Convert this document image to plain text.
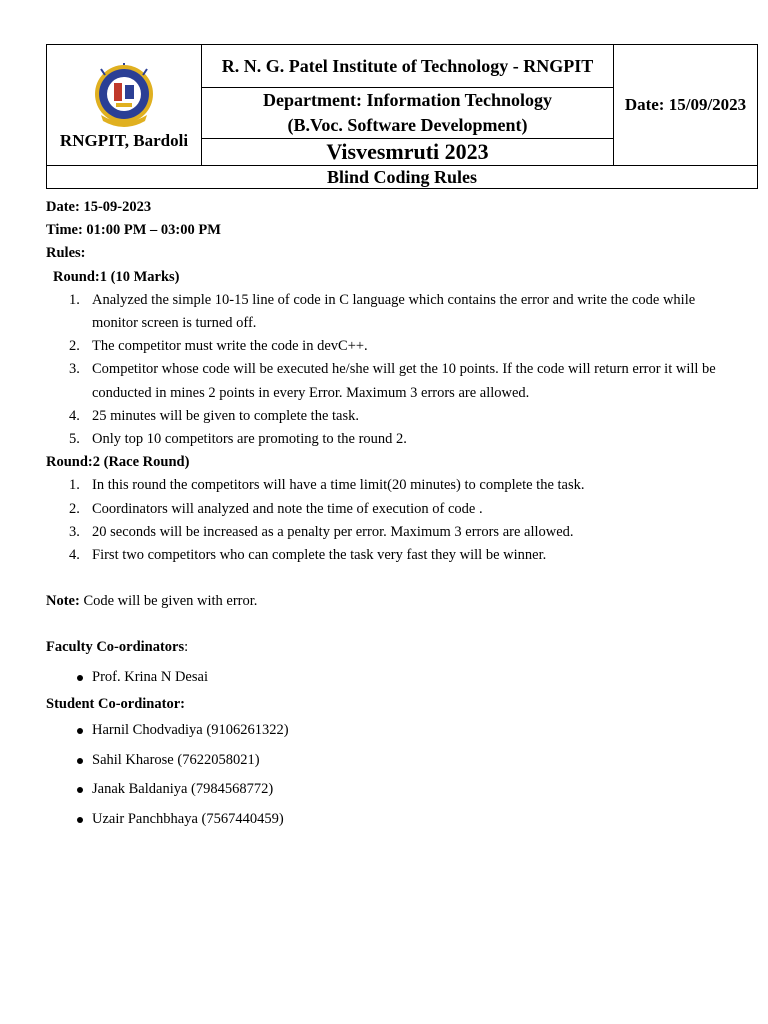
RNGPIT, Bardoli
	R. N. G. Patel Institute of Technology - RNGPIT	Date: 15/09/2023

Department: Information Technology
(B.Voc. Software Development)

Visvesmruti 2023
Blind Coding Rules

Date: 15-09-2023

Time: 01:00 PM – 03:00 PM

Rules:

Round:1 (10 Marks)

1. Analyzed the simple 10-15 line of code in C language which contains the error and write the code while monitor screen is turned off.
2. The competitor must write the code in devC++.
3. Competitor whose code will be executed he/she will get the 10 points. If the code will return error it will be conducted in mines 2 points in every Error. Maximum 3 errors are allowed.
4. 25 minutes will be given to complete the task.
5. Only top 10 competitors are promoting to the round 2.

Round:2 (Race Round)

1. In this round the competitors will have a time limit(20 minutes) to complete the task.
2. Coordinators will analyzed and note the time of execution of code .
3. 20 seconds will be increased as a penalty per error. Maximum 3 errors are allowed.
4. First two competitors who can complete the task very fast they will be winner.

Note: Code will be given with error.

Faculty Co-ordinators:

Prof. Krina N Desai

Student Co-ordinator:

Harnil Chodvadiya (9106261322)
Sahil Kharose (7622058021)
Janak Baldaniya (7984568772)
Uzair Panchbhaya (7567440459)
